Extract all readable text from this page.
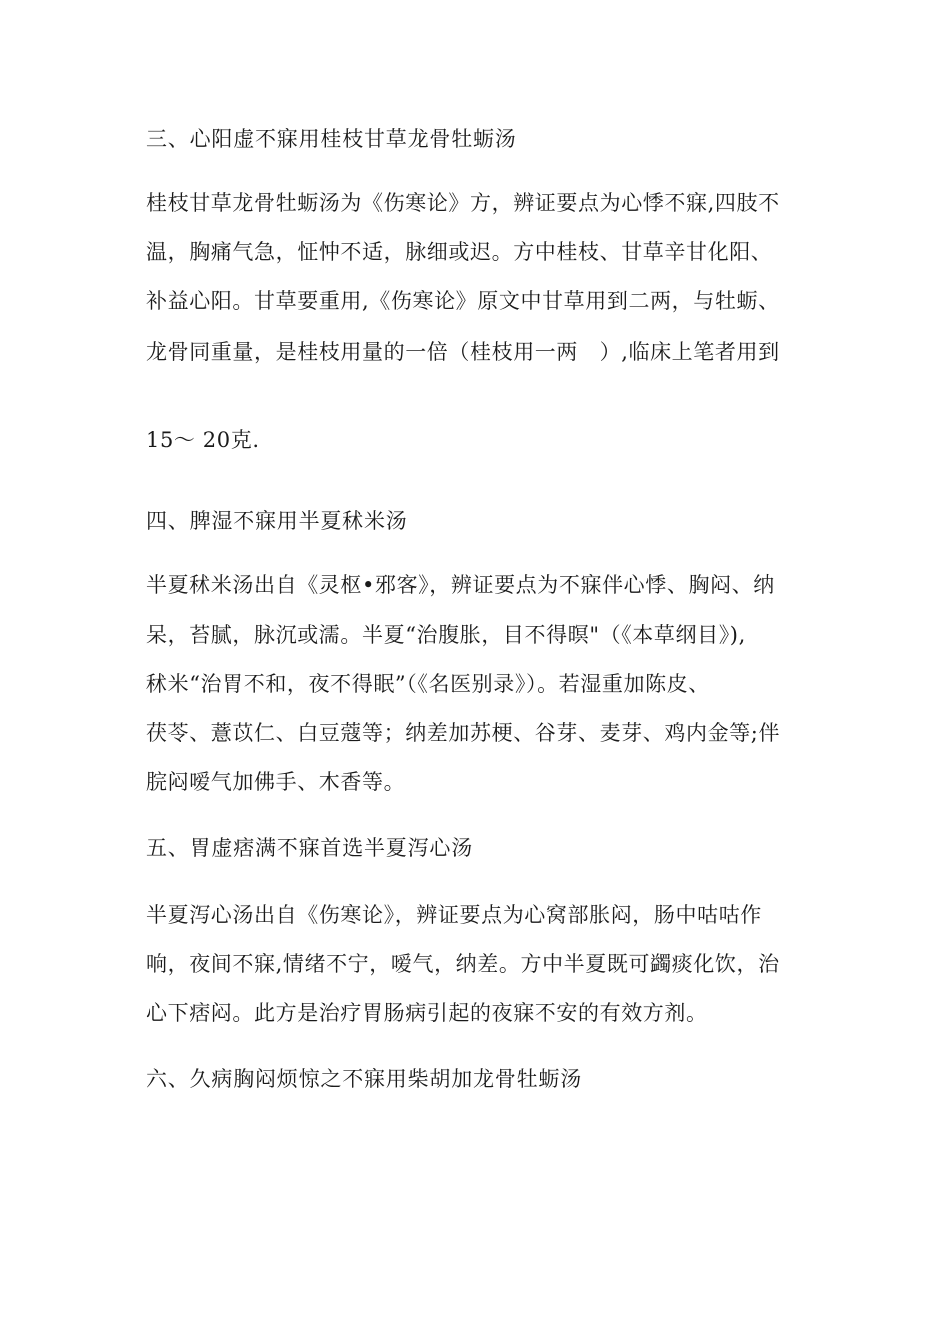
三、心阳虚不寐用桂枝甘草龙骨牡蛎汤

桂枝甘草龙骨牡蛎汤为《伤寒论》方，辨证要点为心悸不寐,四肢不

温，胸痛气急，怔忡不适，脉细或迟。方中桂枝、甘草辛甘化阳、

补益心阳。甘草要重用,《伤寒论》原文中甘草用到二两，与牡蛎、

龙骨同重量，是桂枝用量的一倍（桂枝用一两　）,临床上笔者用到

15～ 20克.

四、脾湿不寐用半夏秫米汤

半夏秫米汤出自《灵枢•邪客》，辨证要点为不寐伴心悸、胸闷、纳

呆，苔腻，脉沉或濡。半夏“治腹胀，目不得暝"（《本草纲目》),

秫米“治胃不和，夜不得眠”（《名医别录》）。若湿重加陈皮、

茯苓、薏苡仁、白豆蔻等；纳差加苏梗、谷芽、麦芽、鸡内金等;伴

脘闷嗳气加佛手、木香等。

五、胃虚痞满不寐首选半夏泻心汤

半夏泻心汤出自《伤寒论》，辨证要点为心窝部胀闷，肠中咕咕作

响，夜间不寐,情绪不宁，嗳气，纳差。方中半夏既可蠲痰化饮，治

心下痞闷。此方是治疗胃肠病引起的夜寐不安的有效方剂。

六、久病胸闷烦惊之不寐用柴胡加龙骨牡蛎汤
